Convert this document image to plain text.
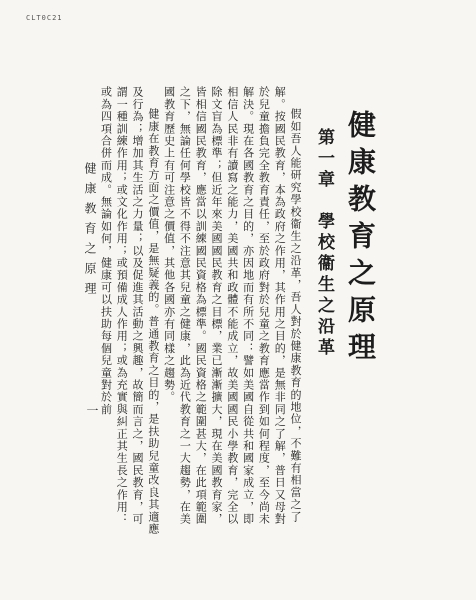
CLT0C21
健康教育之原理
第一章　學校衞生之沿革

假如吾人能研究學校衞生之沿革，吾人對於健康教育的地位，不難有相當之了解。按國民教育，本為政府之作用，其作用之目的，是無非同之了解，普日又母對於兒童擔負完全教育責任，至於政府對於兒童之教育應當作到如何程度，至今尚未解決。現在各國教育之目的，亦因地而有所不同：譬如美國自從共和國家成立，即相信人民非有讀寫之能力，美國共和政體不能成立，故美國國民小學教育，完全以除文盲為標準；但近年來美國國民教育之目標，業已漸漸擴大，現在美國教育家，皆相信國民教育，應當以訓練國民資格為標準。國民資格之範圍甚大，在此項範圍之下，無論任何學校皆不得不注意其兒童之健康，此為近代教育之一大趨勢，在美國教育歷史上有可注意之價值，其他各國亦有同樣之趨勢。

健康在教育方面之價值，是無疑義的。普通教育之目的，是扶助兒童改良其適應及行為；增加其生活之力量；以及促進其活動之興趣，故簡而言之，國民教育，可謂一種訓練作用；或文化作用；或預備成人作用；或為充實與糾正其生長之作用：或為四項合併而成。無論如何，健康可以扶助每個兒童對於前

健康教育之原理
一
